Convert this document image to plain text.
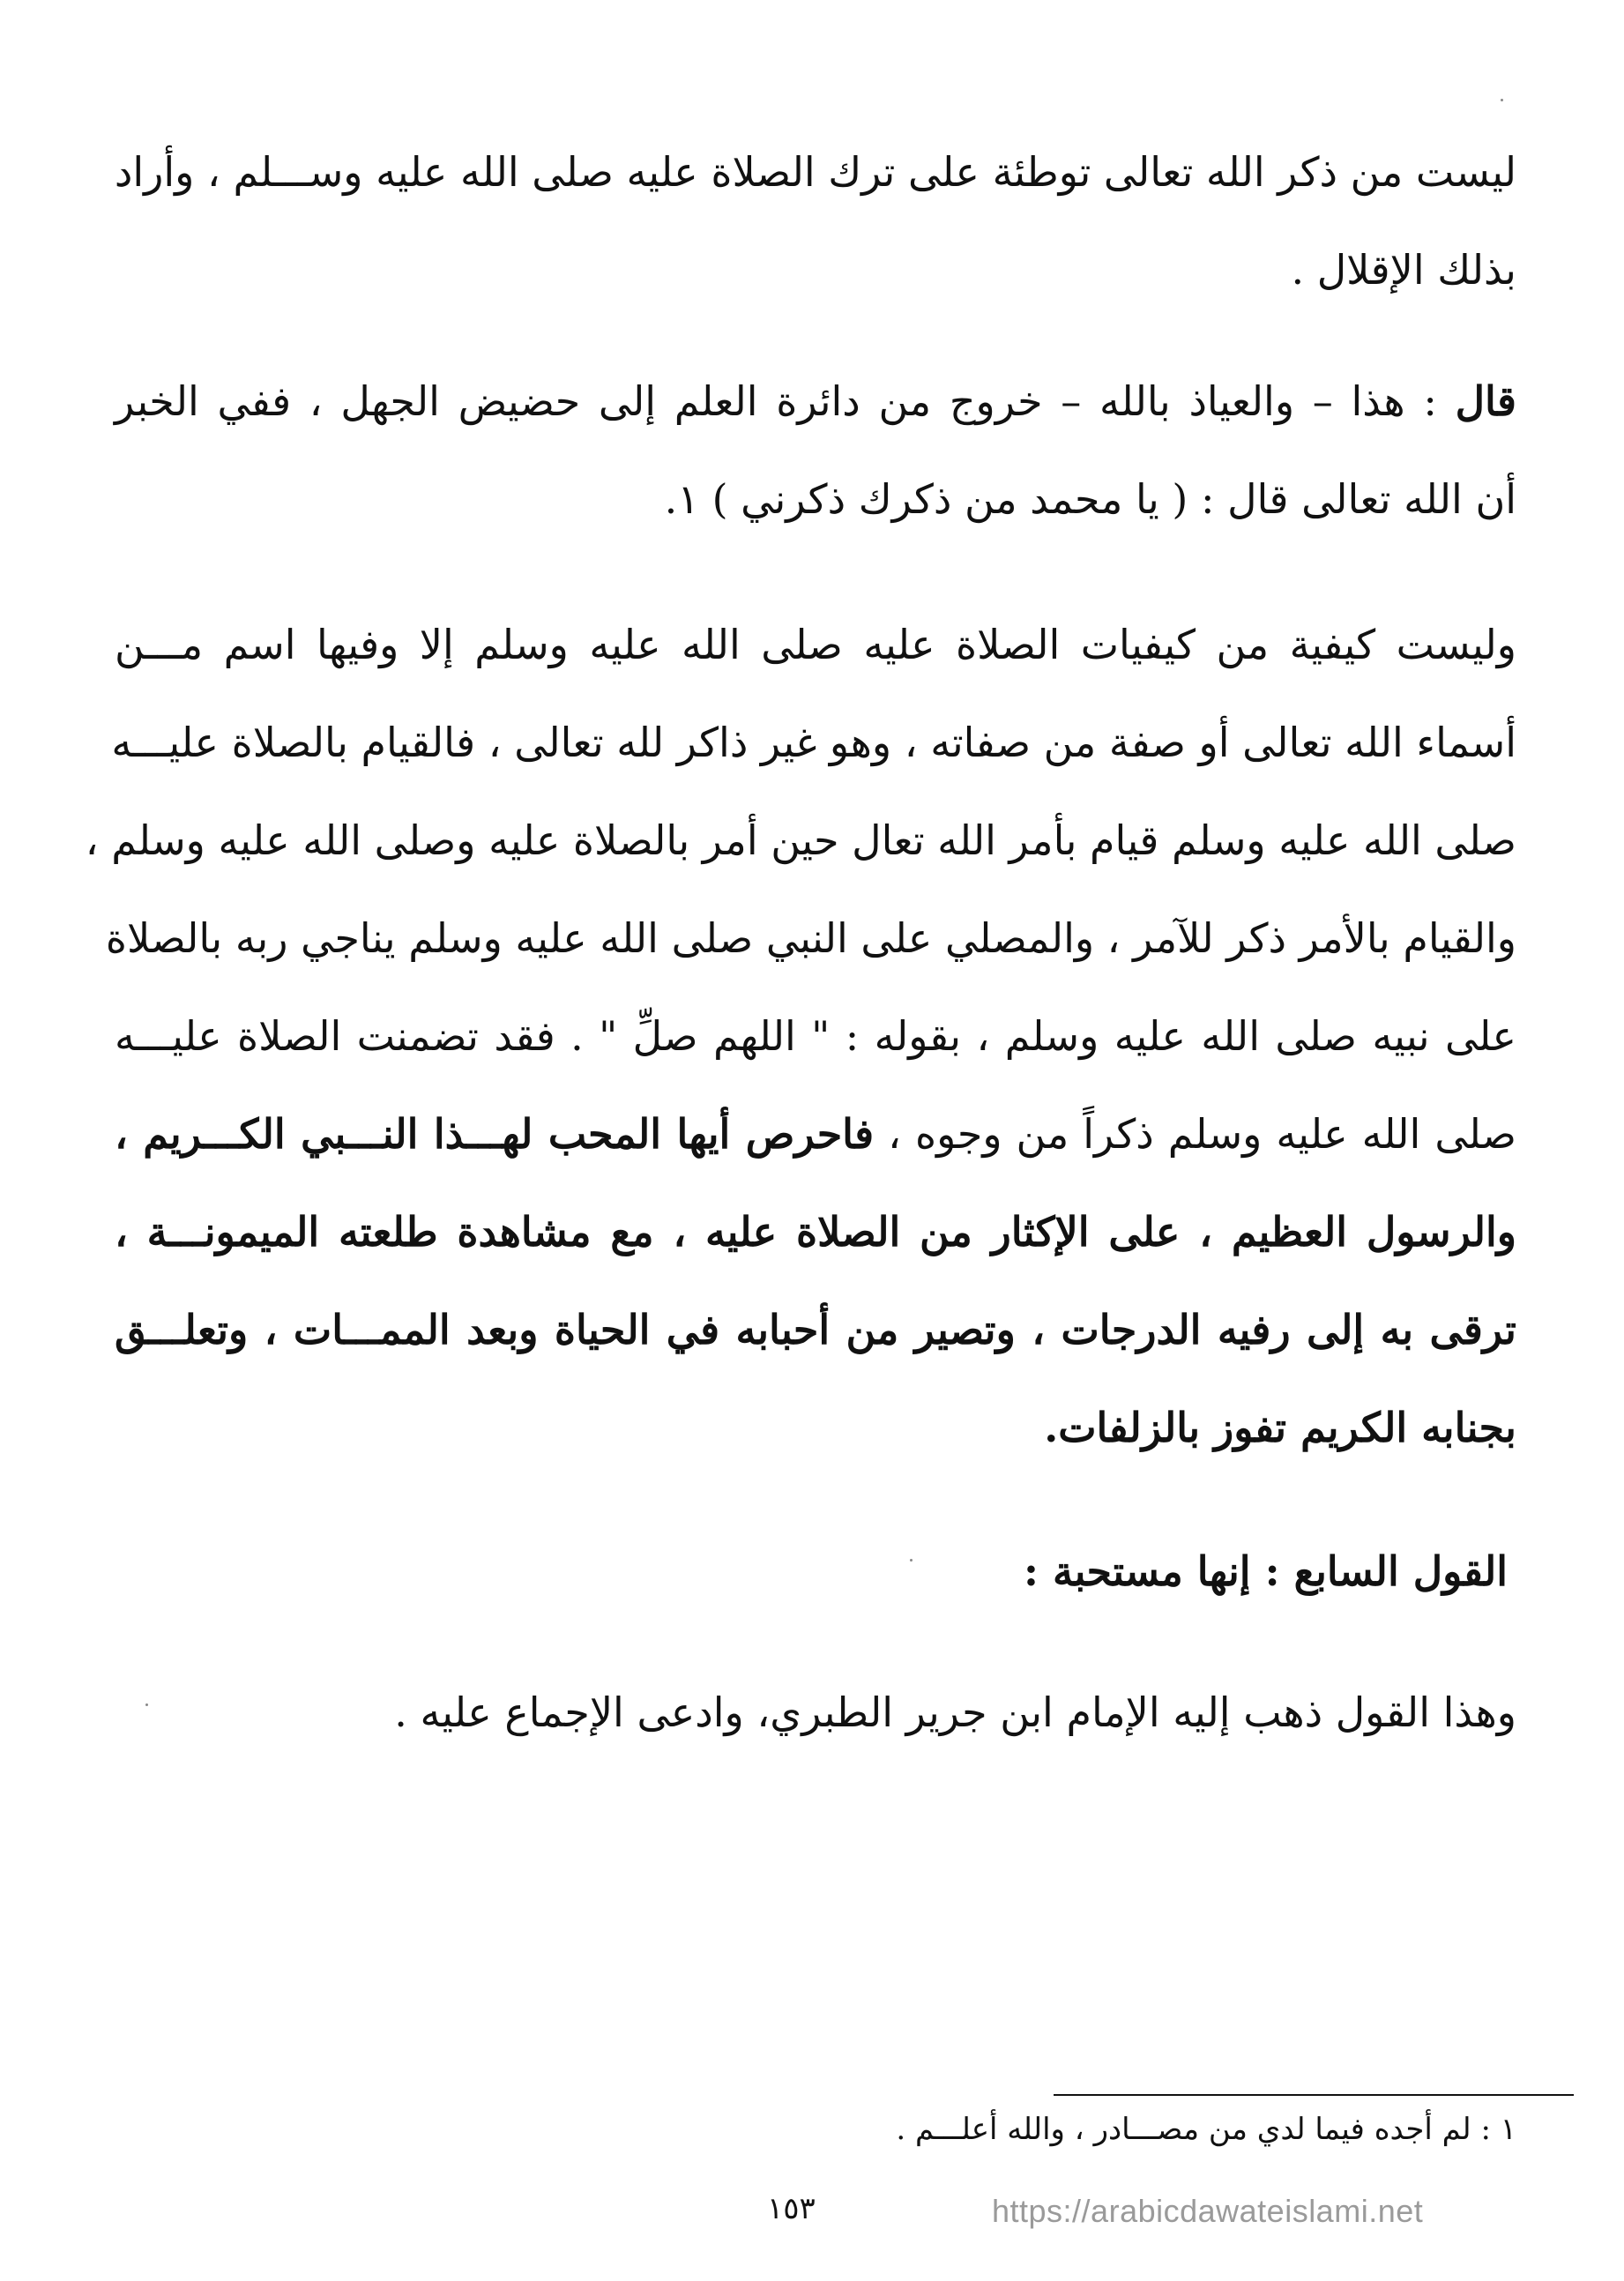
ليست من ذكر الله تعالى توطئة على ترك الصلاة عليه صلى الله عليه وســـلم ، وأراد
بذلك الإقلال .
قال : هذا – والعياذ بالله – خروج من دائرة العلم إلى حضيض الجهل ، ففي الخبر
أن الله تعالى قال : ( يا محمد من ذكرك ذكرني ) ١.
وليست كيفية من كيفيات الصلاة عليه صلى الله عليه وسلم إلا وفيها اسم مـــن
أسماء الله تعالى أو صفة من صفاته ، وهو غير ذاكر لله تعالى ، فالقيام بالصلاة عليـــه
صلى الله عليه وسلم قيام بأمر الله تعال حين أمر بالصلاة عليه وصلى الله عليه وسلم ،
والقيام بالأمر ذكر للآمر ، والمصلي على النبي صلى الله عليه وسلم يناجي ربه بالصلاة
على نبيه صلى الله عليه وسلم ، بقوله : " اللهم صلِّ " . فقد تضمنت الصلاة عليـــه
صلى الله عليه وسلم ذكراً من وجوه ، فاحرص أيها المحب لهـــذا النـــبي الكـــريم ،
والرسول العظيم ، على الإكثار من الصلاة عليه ، مع مشاهدة طلعته الميمونـــة ،
ترقى به إلى رفيه الدرجات ، وتصير من أحبابه في الحياة وبعد الممـــات ، وتعلـــق
بجنابه الكريم تفوز بالزلفات.
القول السابع : إنها مستحبة :
وهذا القول ذهب إليه الإمام ابن جرير الطبري، وادعى الإجماع عليه .
١ : لم أجده فيما لدي من مصـــادر ، والله أعلـــم .
١٥٣	https://arabicdawateislami.net
